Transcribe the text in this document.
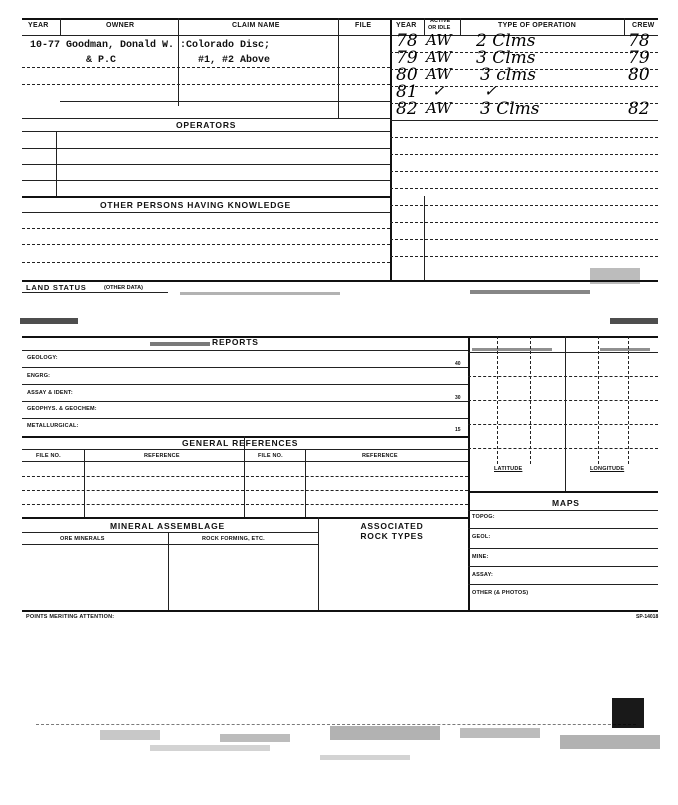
YEAR	OWNER	CLAIM NAME	FILE	YEAR
ACTIVE
OR IDLE	TYPE OF OPERATION	CREW
10-77 Goodman, Donald W. :Colorado Disc;
& P.C	#1, #2 Above
78 AW 2 Clms	78
79 AW 3 Clms	79
80 AW 3 clms	80
81 ✓	✓
82 AW 3 Clms	82
OPERATORS
OTHER PERSONS HAVING KNOWLEDGE
LAND STATUS	(OTHER DATA)
REPORTS
GEOLOGY:
40
ENGRG:
ASSAY & IDENT:
30
GEOPHYS. & GEOCHEM:
METALLURGICAL:
15
LATITUDE	LONGITUDE
GENERAL REFERENCES
FILE NO.	REFERENCE	FILE NO.	REFERENCE
MAPS
TOPOG:
GEOL:
MINE:
ASSAY:
OTHER (& PHOTOS)
MINERAL ASSEMBLAGE	ASSOCIATED ROCK TYPES
ORE MINERALS	ROCK FORMING, ETC.
POINTS MERITING ATTENTION:	SP-14018
